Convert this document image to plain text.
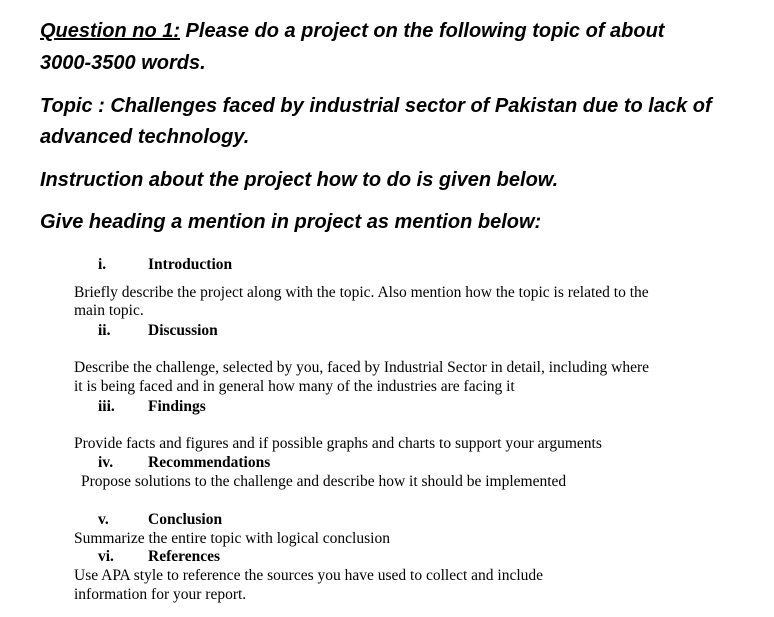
Question no 1: Please do a project on the following topic of about
3000-3500 words.
Topic : Challenges faced by industrial sector of Pakistan due to lack of
advanced technology.
Instruction about the project how to do is given below.
Give heading a mention in project as mention below:
i.	Introduction
Briefly describe the project along with the topic. Also mention how the topic is related to the
main topic.
ii. Discussion
Describe the challenge, selected by you, faced by Industrial Sector in detail, including where
it is being faced and in general how many of the industries are facing it
iii. Findings
Provide facts and figures and if possible graphs and charts to support your arguments
iv. Recommendations
Propose solutions to the challenge and describe how it should be implemented
v.	Conclusion
Summarize the entire topic with logical conclusion
vi. References
Use APA style to reference the sources you have used to collect and include
information for your report.
